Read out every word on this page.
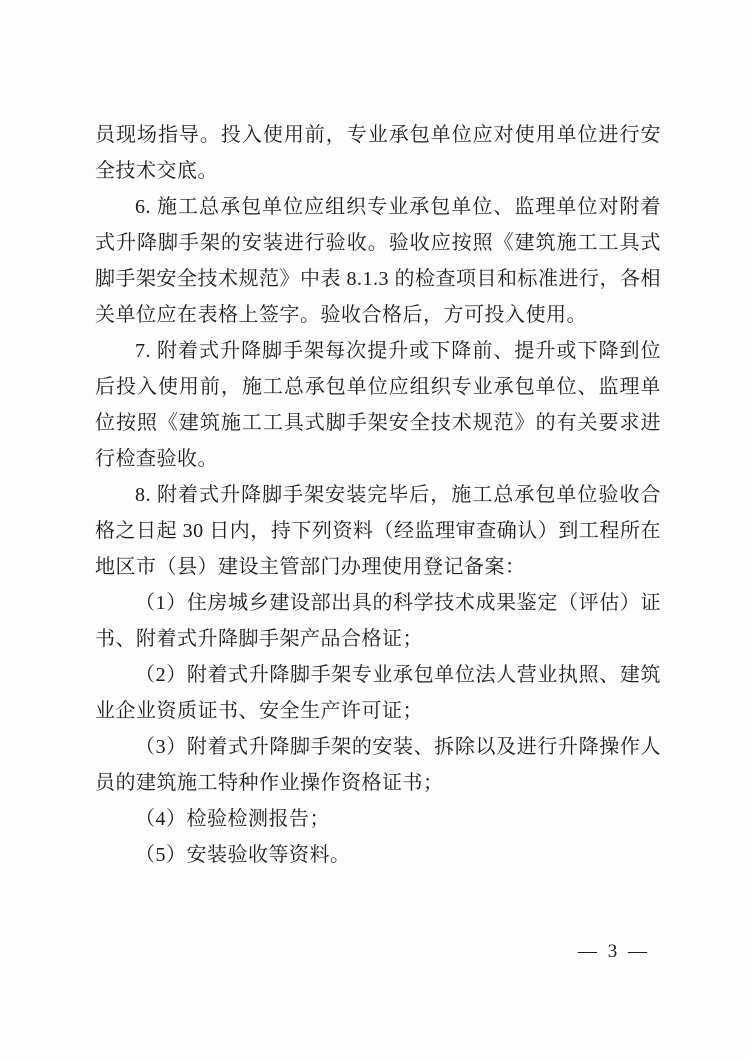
员现场指导。投入使用前，专业承包单位应对使用单位进行安全技术交底。

6. 施工总承包单位应组织专业承包单位、监理单位对附着式升降脚手架的安装进行验收。验收应按照《建筑施工工具式脚手架安全技术规范》中表 8.1.3 的检查项目和标准进行，各相关单位应在表格上签字。验收合格后，方可投入使用。

7. 附着式升降脚手架每次提升或下降前、提升或下降到位后投入使用前，施工总承包单位应组织专业承包单位、监理单位按照《建筑施工工具式脚手架安全技术规范》的有关要求进行检查验收。

8. 附着式升降脚手架安装完毕后，施工总承包单位验收合格之日起 30 日内，持下列资料（经监理审查确认）到工程所在地区市（县）建设主管部门办理使用登记备案：

（1）住房城乡建设部出具的科学技术成果鉴定（评估）证书、附着式升降脚手架产品合格证；

（2）附着式升降脚手架专业承包单位法人营业执照、建筑业企业资质证书、安全生产许可证；

（3）附着式升降脚手架的安装、拆除以及进行升降操作人员的建筑施工特种作业操作资格证书；

（4）检验检测报告；

（5）安装验收等资料。

— 3 —
